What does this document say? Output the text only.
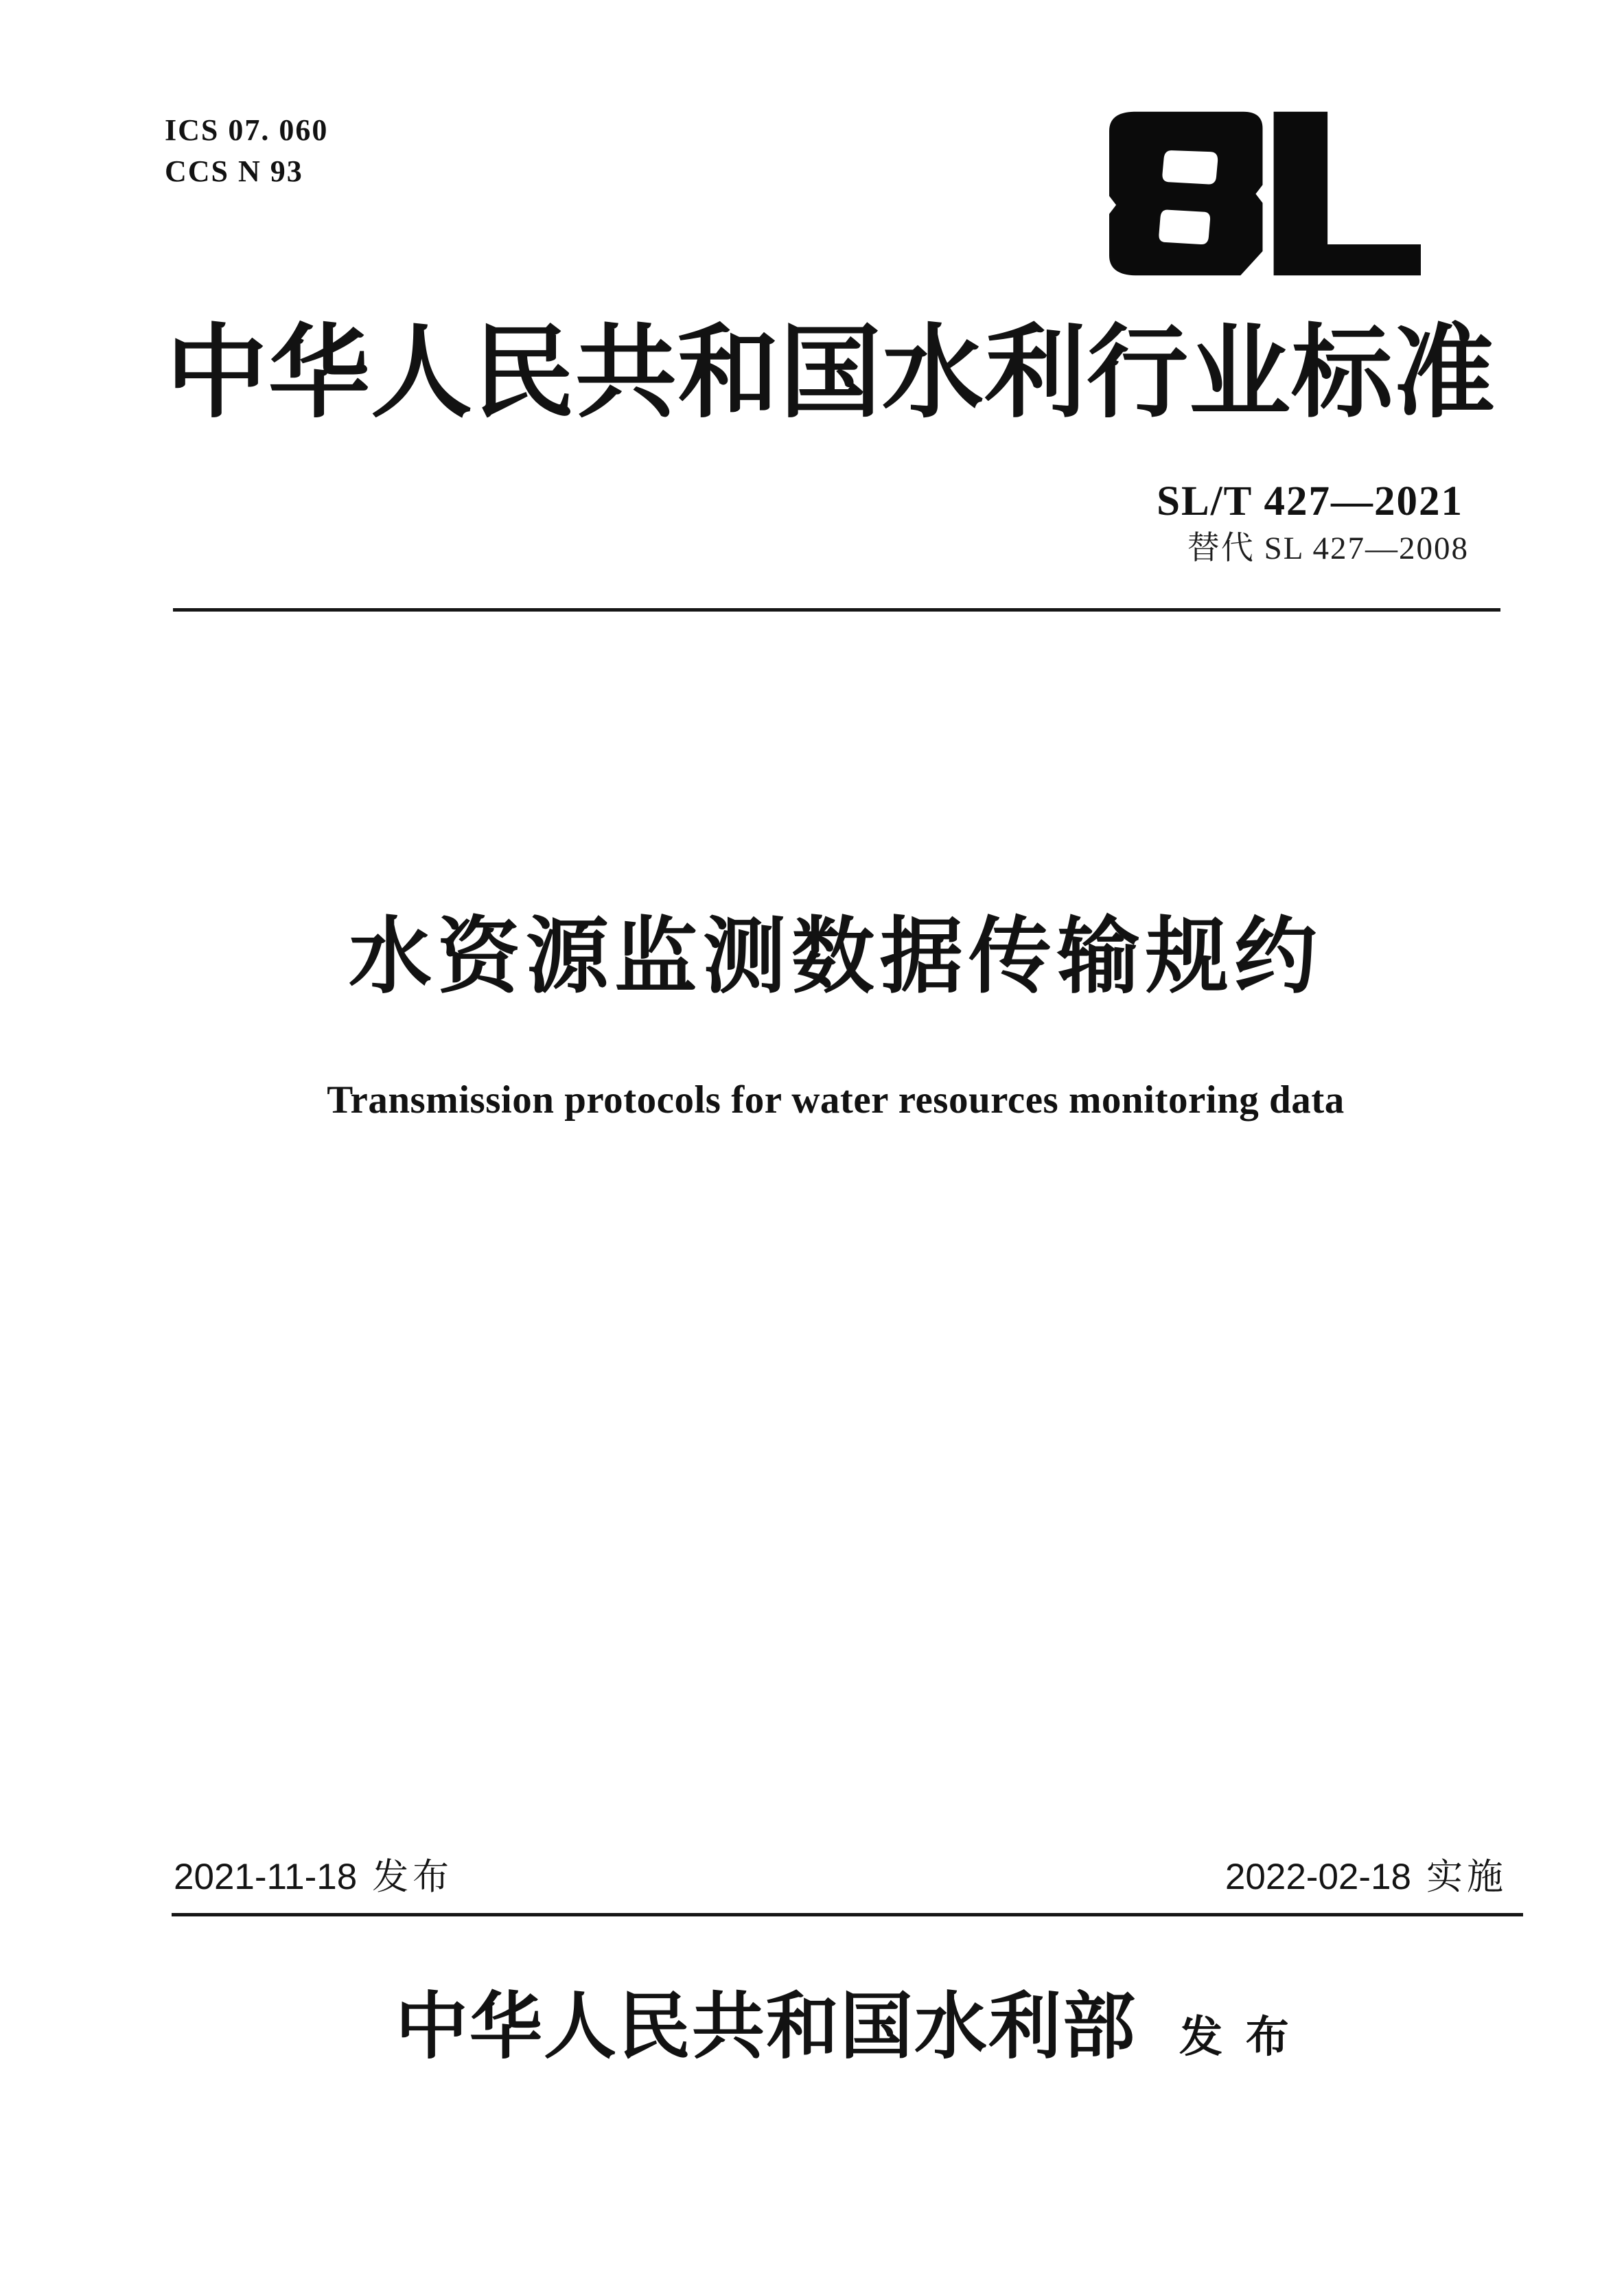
ICS 07. 060
CCS N 93
中华人民共和国水利行业标准
SL/T 427—2021
替代 SL 427—2008
水资源监测数据传输规约
Transmission protocols for water resources monitoring data
2021-11-18 发布	2022-02-18 实施
中华人民共和国水利部 发 布
